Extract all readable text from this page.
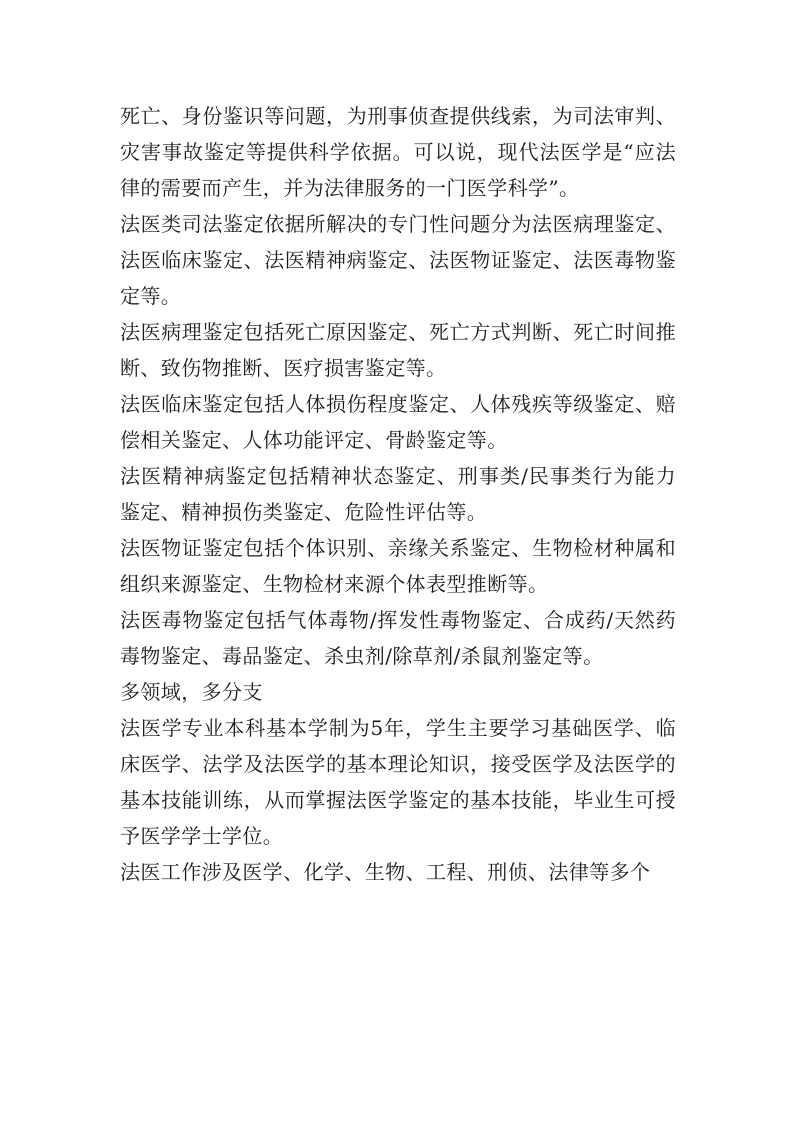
死亡、身份鉴识等问题，为刑事侦查提供线索，为司法审判、灾害事故鉴定等提供科学依据。可以说，现代法医学是“应法律的需要而产生，并为法律服务的一门医学科学”。

法医类司法鉴定依据所解决的专门性问题分为法医病理鉴定、法医临床鉴定、法医精神病鉴定、法医物证鉴定、法医毒物鉴定等。

法医病理鉴定包括死亡原因鉴定、死亡方式判断、死亡时间推断、致伤物推断、医疗损害鉴定等。

法医临床鉴定包括人体损伤程度鉴定、人体残疾等级鉴定、赔偿相关鉴定、人体功能评定、骨龄鉴定等。

法医精神病鉴定包括精神状态鉴定、刑事类/民事类行为能力鉴定、精神损伤类鉴定、危险性评估等。

法医物证鉴定包括个体识别、亲缘关系鉴定、生物检材种属和组织来源鉴定、生物检材来源个体表型推断等。

法医毒物鉴定包括气体毒物/挥发性毒物鉴定、合成药/天然药毒物鉴定、毒品鉴定、杀虫剂/除草剂/杀鼠剂鉴定等。

多领域，多分支

法医学专业本科基本学制为5年，学生主要学习基础医学、临床医学、法学及法医学的基本理论知识，接受医学及法医学的基本技能训练，从而掌握法医学鉴定的基本技能，毕业生可授予医学学士学位。

法医工作涉及医学、化学、生物、工程、刑侦、法律等多个
